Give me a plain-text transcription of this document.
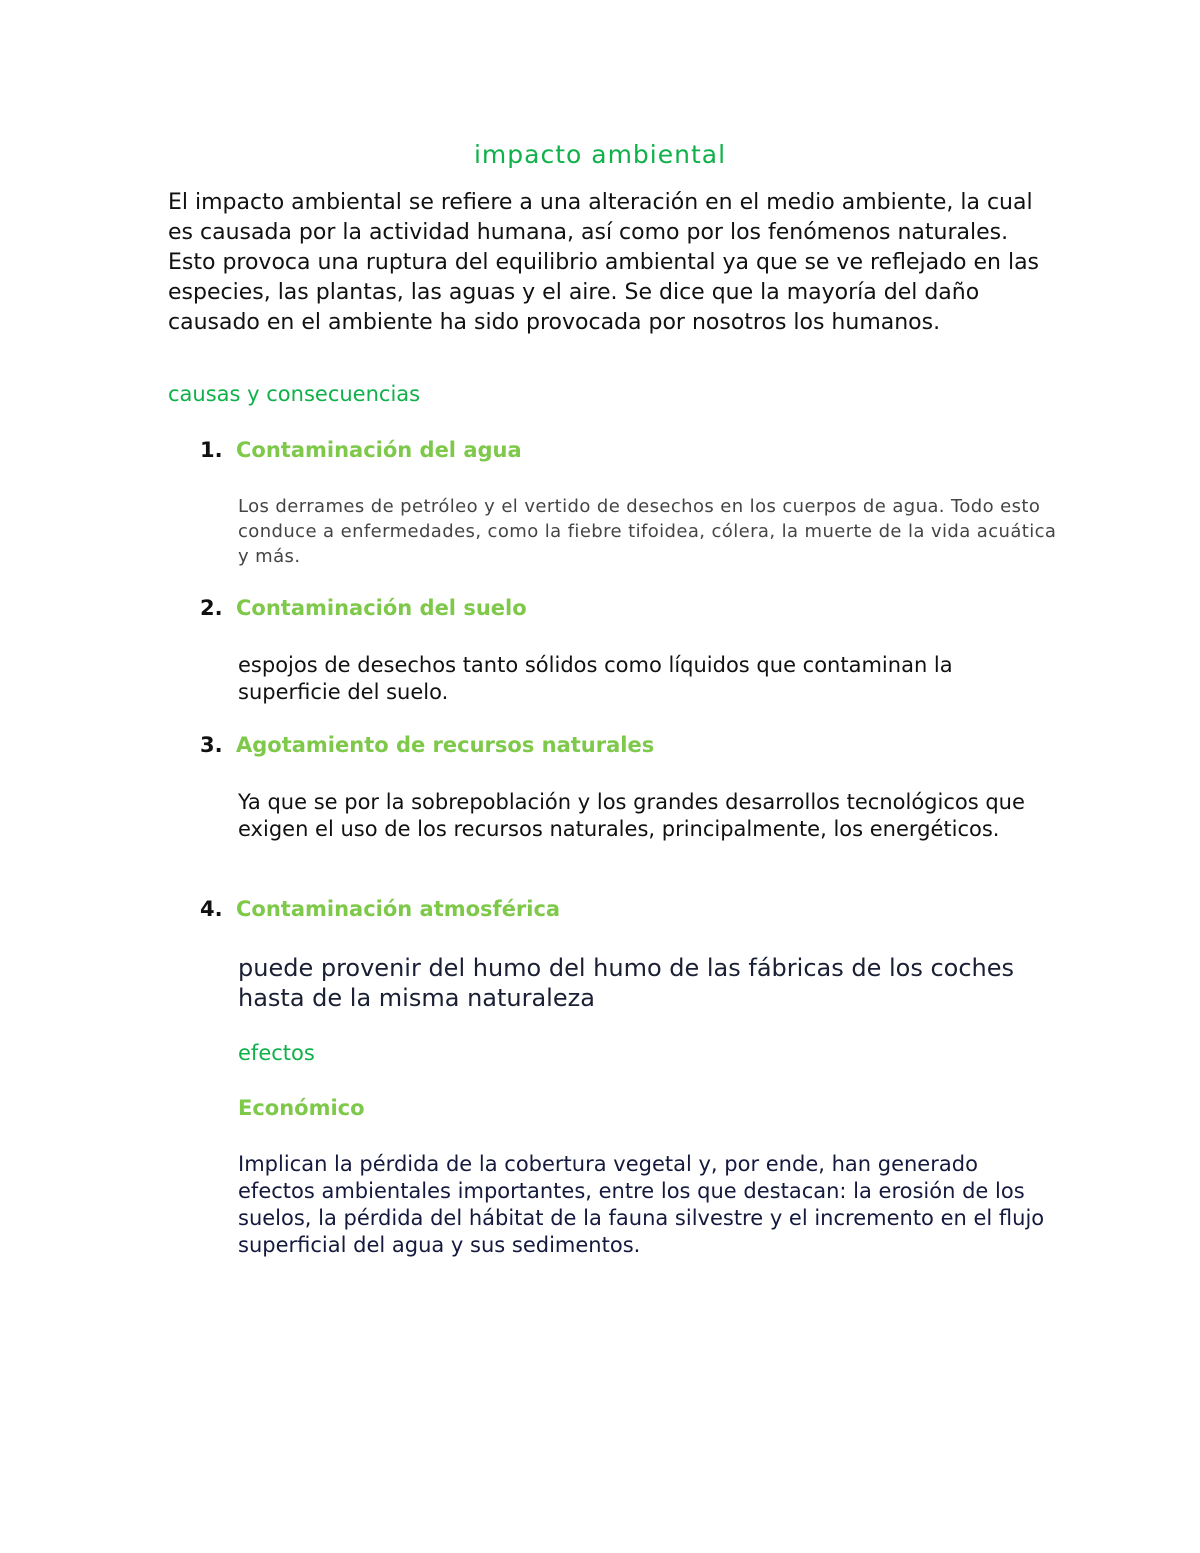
impacto ambiental
El impacto ambiental se refiere a una alteración en el medio ambiente, la cual es causada por la actividad humana, así como por los fenómenos naturales. Esto provoca una ruptura del equilibrio ambiental ya que se ve reflejado en las especies, las plantas, las aguas y el aire. Se dice que la mayoría del daño causado en el ambiente ha sido provocada por nosotros los humanos.
causas y consecuencias
1. Contaminación del agua
Los derrames de petróleo y el vertido de desechos en los cuerpos de agua. Todo esto conduce a enfermedades, como la fiebre tifoidea, cólera, la muerte de la vida acuática y más.
2. Contaminación del suelo
espojos de desechos tanto sólidos como líquidos que contaminan la superficie del suelo.
3. Agotamiento de recursos naturales
Ya que se por la sobrepoblación y los grandes desarrollos tecnológicos que exigen el uso de los recursos naturales, principalmente, los energéticos.
4. Contaminación atmosférica
puede provenir del humo del humo de las fábricas de los coches hasta de la misma naturaleza
efectos
Económico
Implican la pérdida de la cobertura vegetal y, por ende, han generado efectos ambientales importantes, entre los que destacan: la erosión de los suelos, la pérdida del hábitat de la fauna silvestre y el incremento en el flujo superficial del agua y sus sedimentos.
